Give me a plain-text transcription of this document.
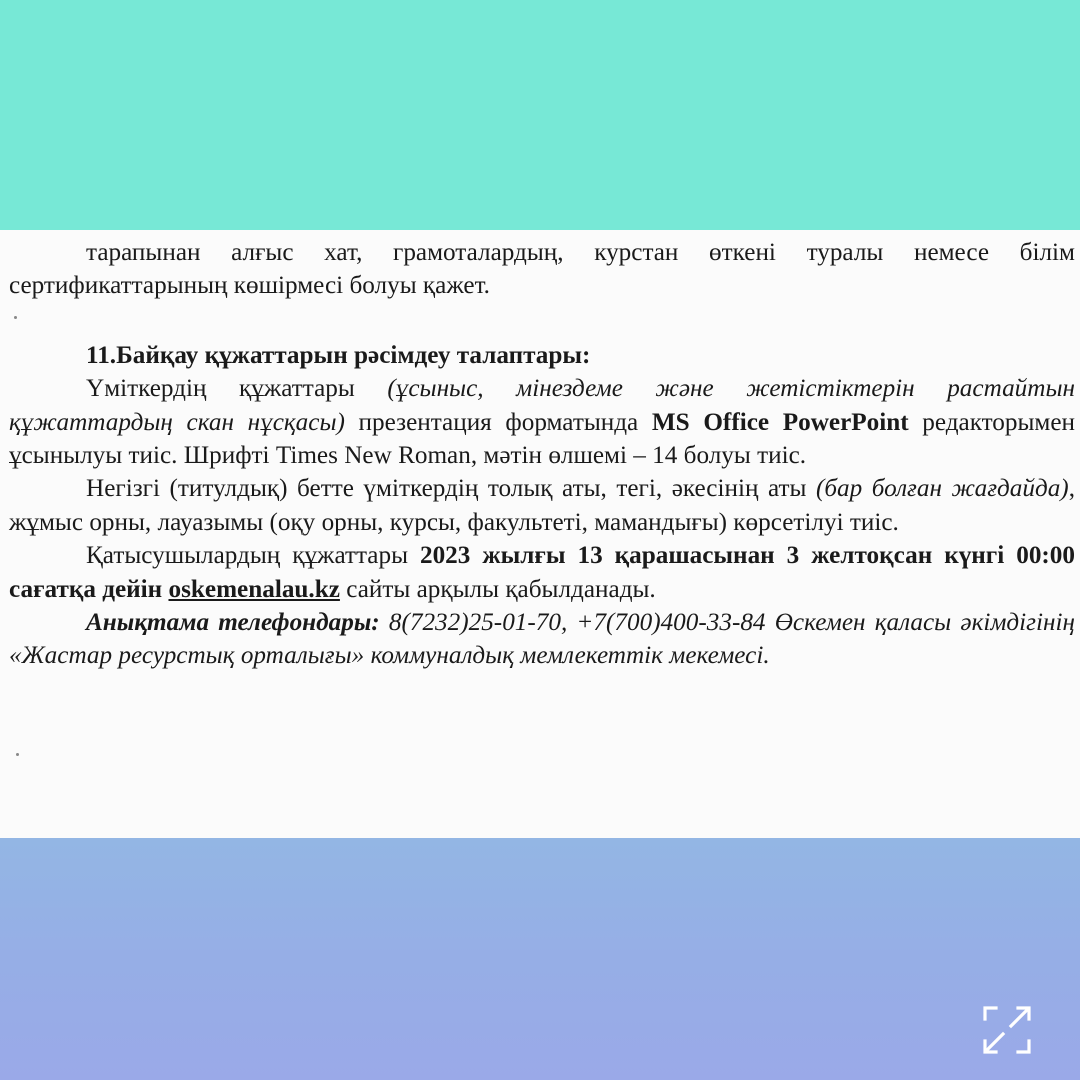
тарапынан алғыс хат, грамоталардың, курстан өткені туралы немесе білім сертификаттарының көшірмесі болуы қажет.

11.Байқау құжаттарын рәсімдеу талаптары:

Үміткердің құжаттары (ұсыныс, мінездеме және жетістіктерін растайтын құжаттардың скан нұсқасы) презентация форматында MS Office PowerPoint редакторымен ұсынылуы тиіс. Шрифті Times New Roman, мәтін өлшемі – 14 болуы тиіс.

Негізгі (титулдық) бетте үміткердің толық аты, тегі, әкесінің аты (бар болған жағдайда), жұмыс орны, лауазымы (оқу орны, курсы, факультеті, мамандығы) көрсетілуі тиіс.

Қатысушылардың құжаттары 2023 жылғы 13 қарашасынан 3 желтоқсан күнгі 00:00 сағатқа дейін oskemenalau.kz сайты арқылы қабылданады.

Анықтама телефондары: 8(7232)25-01-70, +7(700)400-33-84 Өскемен қаласы әкімдігінің «Жастар ресурстық орталығы» коммуналдық мемлекеттік мекемесі.
